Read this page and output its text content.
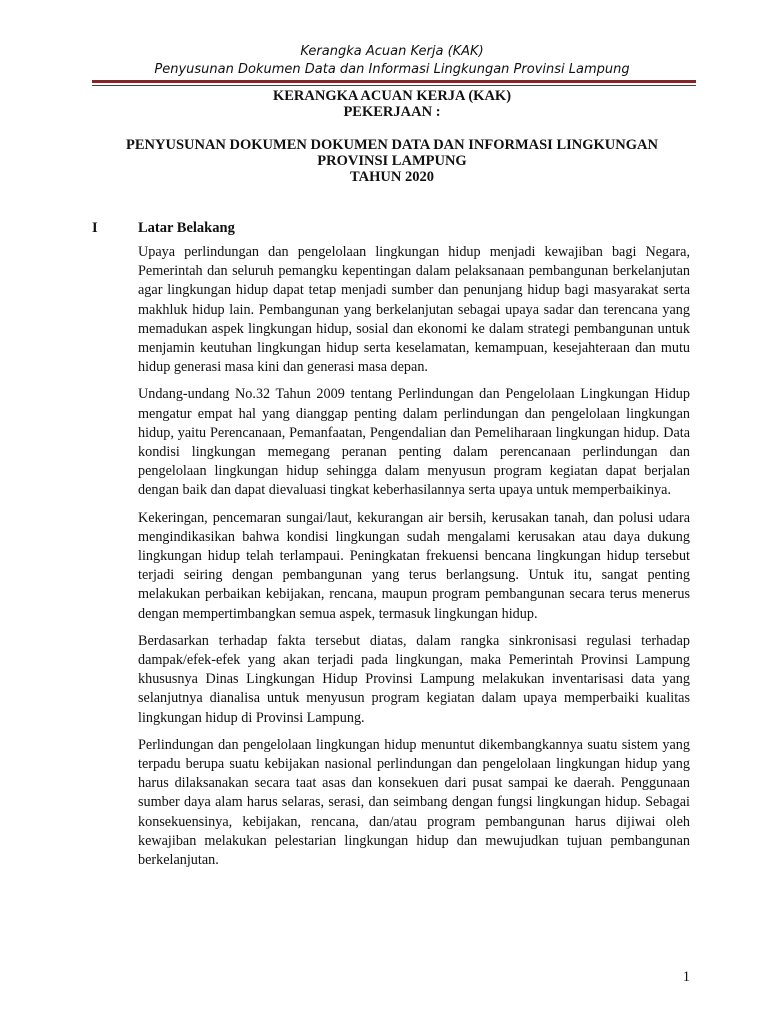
Kerangka Acuan Kerja (KAK)
Penyusunan Dokumen Data dan Informasi Lingkungan Provinsi Lampung
KERANGKA ACUAN KERJA (KAK)
PEKERJAAN :
PENYUSUNAN DOKUMEN DOKUMEN DATA DAN INFORMASI LINGKUNGAN
PROVINSI LAMPUNG
TAHUN 2020
I	Latar Belakang

Upaya perlindungan dan pengelolaan lingkungan hidup menjadi kewajiban bagi Negara, Pemerintah dan seluruh pemangku kepentingan dalam pelaksanaan pembangunan berkelanjutan agar lingkungan hidup dapat tetap menjadi sumber dan penunjang hidup bagi masyarakat serta makhluk hidup lain. Pembangunan yang berkelanjutan sebagai upaya sadar dan terencana yang memadukan aspek lingkungan hidup, sosial dan ekonomi ke dalam strategi pembangunan untuk menjamin keutuhan lingkungan hidup serta keselamatan, kemampuan, kesejahteraan dan mutu hidup generasi masa kini dan generasi masa depan.

Undang-undang No.32 Tahun 2009 tentang Perlindungan dan Pengelolaan Lingkungan Hidup mengatur empat hal yang dianggap penting dalam perlindungan dan pengelolaan lingkungan hidup, yaitu Perencanaan, Pemanfaatan, Pengendalian dan Pemeliharaan lingkungan hidup. Data kondisi lingkungan memegang peranan penting dalam perencanaan perlindungan dan pengelolaan lingkungan hidup sehingga dalam menyusun program kegiatan dapat berjalan dengan baik dan dapat dievaluasi tingkat keberhasilannya serta upaya untuk memperbaikinya.

Kekeringan, pencemaran sungai/laut, kekurangan air bersih, kerusakan tanah, dan polusi udara mengindikasikan bahwa kondisi lingkungan sudah mengalami kerusakan atau daya dukung lingkungan hidup telah terlampaui. Peningkatan frekuensi bencana lingkungan hidup tersebut terjadi seiring dengan pembangunan yang terus berlangsung. Untuk itu, sangat penting melakukan perbaikan kebijakan, rencana, maupun program pembangunan secara terus menerus dengan mempertimbangkan semua aspek, termasuk lingkungan hidup.

Berdasarkan terhadap fakta tersebut diatas, dalam rangka sinkronisasi regulasi terhadap dampak/efek-efek yang akan terjadi pada lingkungan, maka Pemerintah Provinsi Lampung khususnya Dinas Lingkungan Hidup Provinsi Lampung melakukan inventarisasi data yang selanjutnya dianalisa untuk menyusun program kegiatan dalam upaya memperbaiki kualitas lingkungan hidup di Provinsi Lampung.

Perlindungan dan pengelolaan lingkungan hidup menuntut dikembangkannya suatu sistem yang terpadu berupa suatu kebijakan nasional perlindungan dan pengelolaan lingkungan hidup yang harus dilaksanakan secara taat asas dan konsekuen dari pusat sampai ke daerah. Penggunaan sumber daya alam harus selaras, serasi, dan seimbang dengan fungsi lingkungan hidup. Sebagai konsekuensinya, kebijakan, rencana, dan/atau program pembangunan harus dijiwai oleh kewajiban melakukan pelestarian lingkungan hidup dan mewujudkan tujuan pembangunan berkelanjutan.

1
